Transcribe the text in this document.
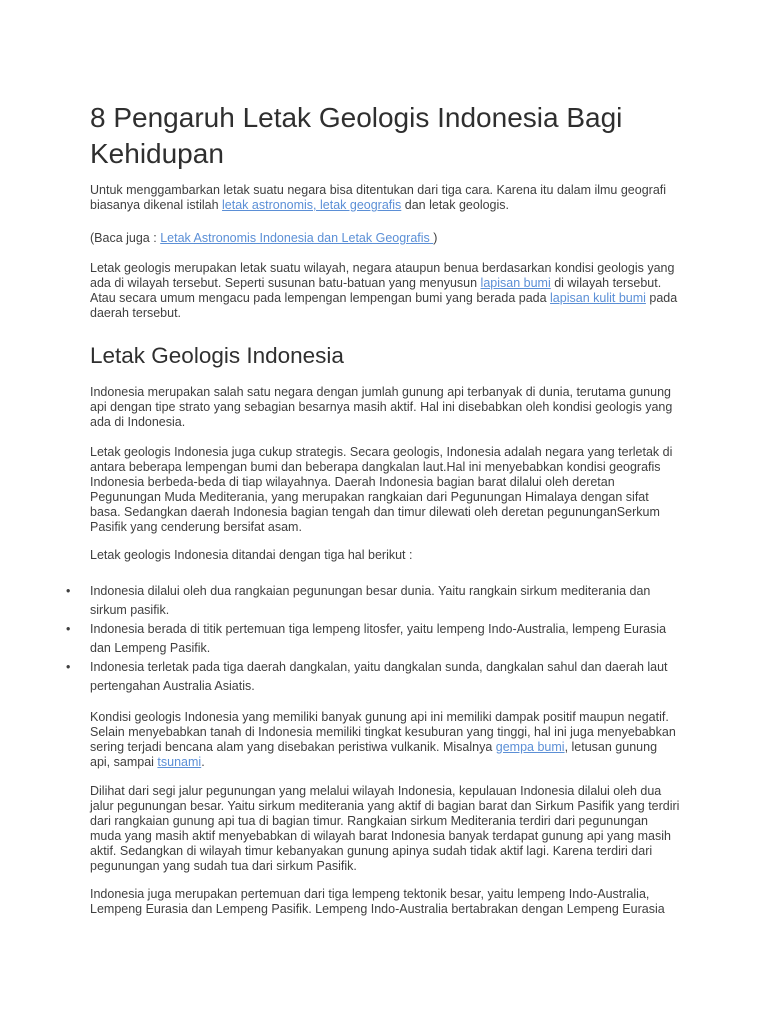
8 Pengaruh Letak Geologis Indonesia Bagi Kehidupan

Untuk menggambarkan letak suatu negara bisa ditentukan dari tiga cara. Karena itu dalam ilmu geografi biasanya dikenal istilah letak astronomis, letak geografis dan letak geologis.

(Baca juga : Letak Astronomis Indonesia dan Letak Geografis )

Letak geologis merupakan letak suatu wilayah, negara ataupun benua berdasarkan kondisi geologis yang ada di wilayah tersebut. Seperti susunan batu-batuan yang menyusun lapisan bumi di wilayah tersebut. Atau secara umum mengacu pada lempengan lempengan bumi yang berada pada lapisan kulit bumi pada daerah tersebut.

Letak Geologis Indonesia

Indonesia merupakan salah satu negara dengan jumlah gunung api terbanyak di dunia, terutama gunung api dengan tipe strato yang sebagian besarnya masih aktif. Hal ini disebabkan oleh kondisi geologis yang ada di Indonesia.

Letak geologis Indonesia juga cukup strategis. Secara geologis, Indonesia adalah negara yang terletak di antara beberapa lempengan bumi dan beberapa dangkalan laut.Hal ini menyebabkan kondisi geografis Indonesia berbeda-beda di tiap wilayahnya. Daerah Indonesia bagian barat dilalui oleh deretan Pegunungan Muda Mediterania, yang merupakan rangkaian dari Pegunungan Himalaya dengan sifat basa. Sedangkan daerah Indonesia bagian tengah dan timur dilewati oleh deretan pegununganSerkum Pasifik yang cenderung bersifat asam.

Letak geologis Indonesia ditandai dengan tiga hal berikut :

• Indonesia dilalui oleh dua rangkaian pegunungan besar dunia. Yaitu rangkain sirkum mediterania dan sirkum pasifik.
• Indonesia berada di titik pertemuan tiga lempeng litosfer, yaitu lempeng Indo-Australia, lempeng Eurasia dan Lempeng Pasifik.
• Indonesia terletak pada tiga daerah dangkalan, yaitu dangkalan sunda, dangkalan sahul dan daerah laut pertengahan Australia Asiatis.

Kondisi geologis Indonesia yang memiliki banyak gunung api ini memiliki dampak positif maupun negatif. Selain menyebabkan tanah di Indonesia memiliki tingkat kesuburan yang tinggi, hal ini juga menyebabkan sering terjadi bencana alam yang disebakan peristiwa vulkanik. Misalnya gempa bumi, letusan gunung api, sampai tsunami.

Dilihat dari segi jalur pegunungan yang melalui wilayah Indonesia, kepulauan Indonesia dilalui oleh dua jalur pegunungan besar. Yaitu sirkum mediterania yang aktif di bagian barat dan Sirkum Pasifik yang terdiri dari rangkaian gunung api tua di bagian timur. Rangkaian sirkum Mediterania terdiri dari pegunungan muda yang masih aktif menyebabkan di wilayah barat Indonesia banyak terdapat gunung api yang masih aktif. Sedangkan di wilayah timur kebanyakan gunung apinya sudah tidak aktif lagi. Karena terdiri dari pegunungan yang sudah tua dari sirkum Pasifik.

Indonesia juga merupakan pertemuan dari tiga lempeng tektonik besar, yaitu lempeng Indo-Australia, Lempeng Eurasia dan Lempeng Pasifik. Lempeng Indo-Australia bertabrakan dengan Lempeng Eurasia
